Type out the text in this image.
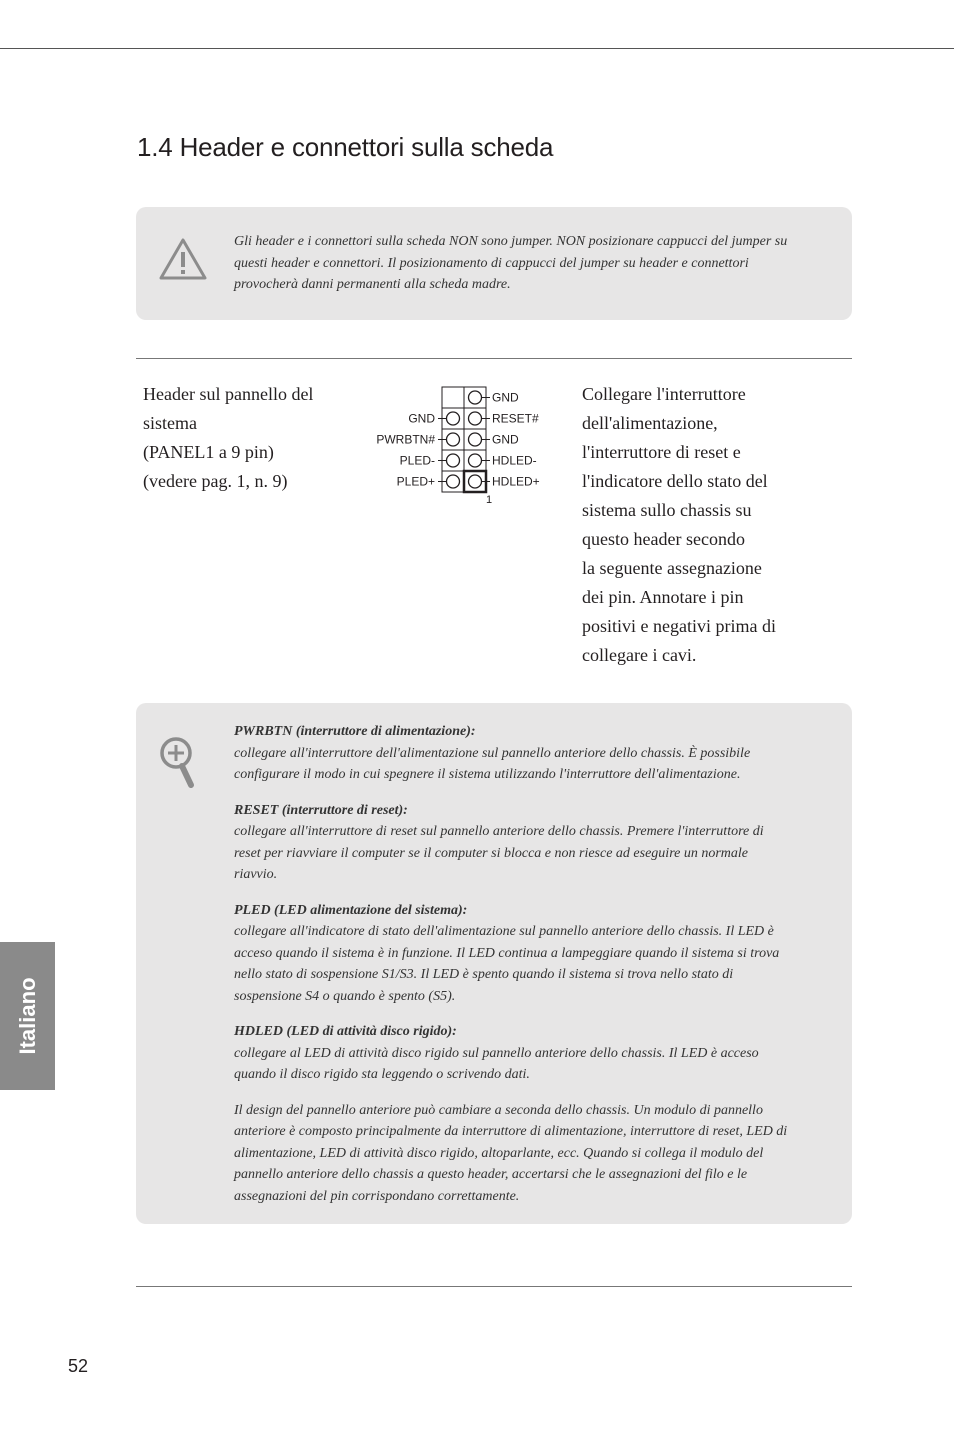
1.4 Header e connettori sulla scheda
Gli header e i connettori sulla scheda NON sono jumper. NON posizionare cappucci del jumper su questi header e connettori. Il posizionamento di cappucci del jumper su header e connettori provocherà danni permanenti alla scheda madre.
Header sul pannello del
sistema
(PANEL1 a 9 pin)
(vedere pag. 1, n. 9)
GND
RESET#
GND
HDLED-
HDLED+
GND
PWRBTN#
PLED-
PLED+
1
Collegare l'interruttore
dell'alimentazione,
l'interruttore di reset e
l'indicatore dello stato del
sistema sullo chassis su
questo header secondo
la seguente assegnazione
dei pin. Annotare i pin
positivi e negativi prima di
collegare i cavi.

PWRBTN (interruttore di alimentazione):
collegare all'interruttore dell'alimentazione sul pannello anteriore dello chassis. È possibile configurare il modo in cui spegnere il sistema utilizzando l'interruttore dell'alimentazione.

RESET (interruttore di reset):
collegare all'interruttore di reset sul pannello anteriore dello chassis. Premere l'interruttore di reset per riavviare il computer se il computer si blocca e non riesce ad eseguire un normale riavvio.

PLED (LED alimentazione del sistema):
collegare all'indicatore di stato dell'alimentazione sul pannello anteriore dello chassis. Il LED è acceso quando il sistema è in funzione. Il LED continua a lampeggiare quando il sistema si trova nello stato di sospensione S1/S3. Il LED è spento quando il sistema si trova nello stato di sospensione S4 o quando è spento (S5).

HDLED (LED di attività disco rigido):
collegare al LED di attività disco rigido sul pannello anteriore dello chassis. Il LED è acceso quando il disco rigido sta leggendo o scrivendo dati.

Il design del pannello anteriore può cambiare a seconda dello chassis. Un modulo di pannello anteriore è composto principalmente da interruttore di alimentazione, interruttore di reset, LED di alimentazione, LED di attività disco rigido, altoparlante, ecc. Quando si collega il modulo del pannello anteriore dello chassis a questo header, accertarsi che le assegnazioni del filo e le assegnazioni del pin corrispondano correttamente.

Italiano
52
